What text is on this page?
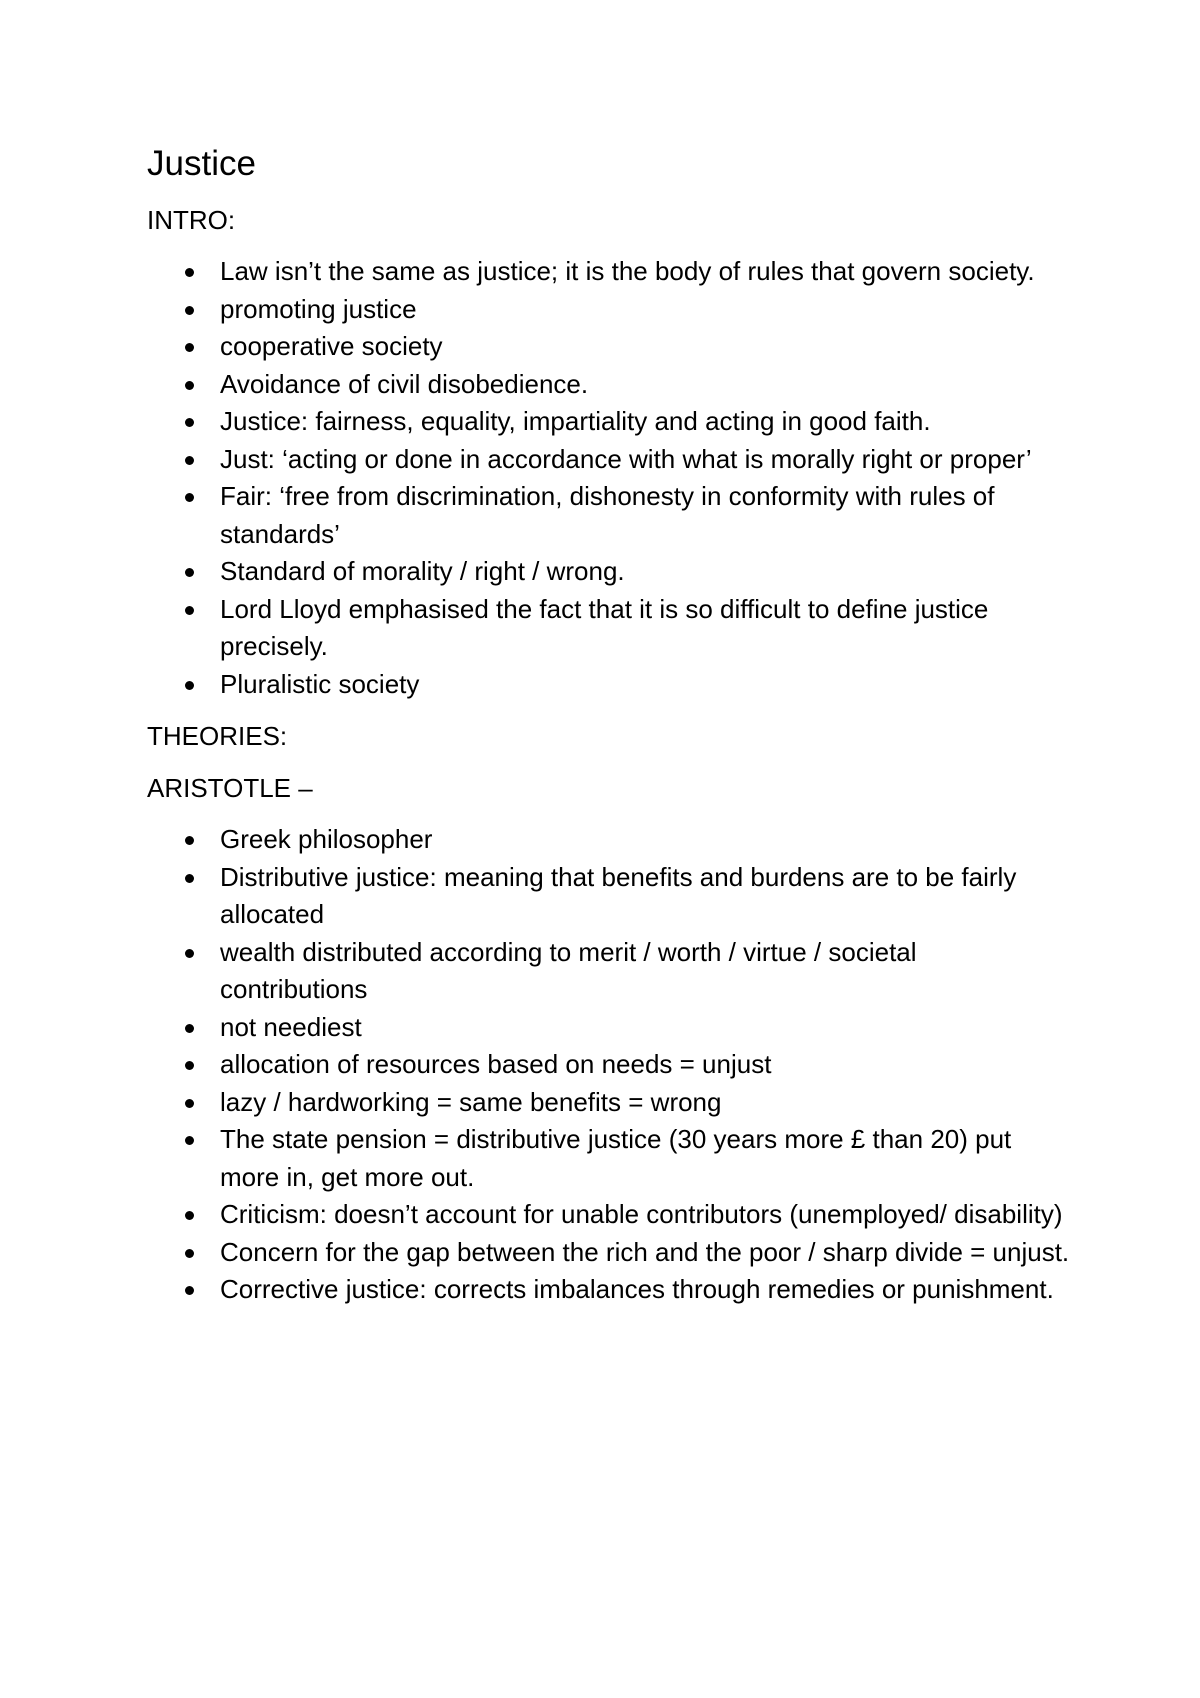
Justice
INTRO:
Law isn’t the same as justice; it is the body of rules that govern society.
promoting justice
cooperative society
Avoidance of civil disobedience.
Justice: fairness, equality, impartiality and acting in good faith.
Just: ‘acting or done in accordance with what is morally right or proper’
Fair: ‘free from discrimination, dishonesty in conformity with rules of standards’
Standard of morality / right / wrong.
Lord Lloyd emphasised the fact that it is so difficult to define justice precisely.
Pluralistic society
THEORIES:
ARISTOTLE –
Greek philosopher
Distributive justice: meaning that benefits and burdens are to be fairly allocated
wealth distributed according to merit / worth / virtue / societal contributions
not neediest
allocation of resources based on needs = unjust
lazy / hardworking = same benefits = wrong
The state pension = distributive justice (30 years more £ than 20) put more in, get more out.
Criticism: doesn’t account for unable contributors (unemployed/ disability)
Concern for the gap between the rich and the poor / sharp divide = unjust.
Corrective justice: corrects imbalances through remedies or punishment.
